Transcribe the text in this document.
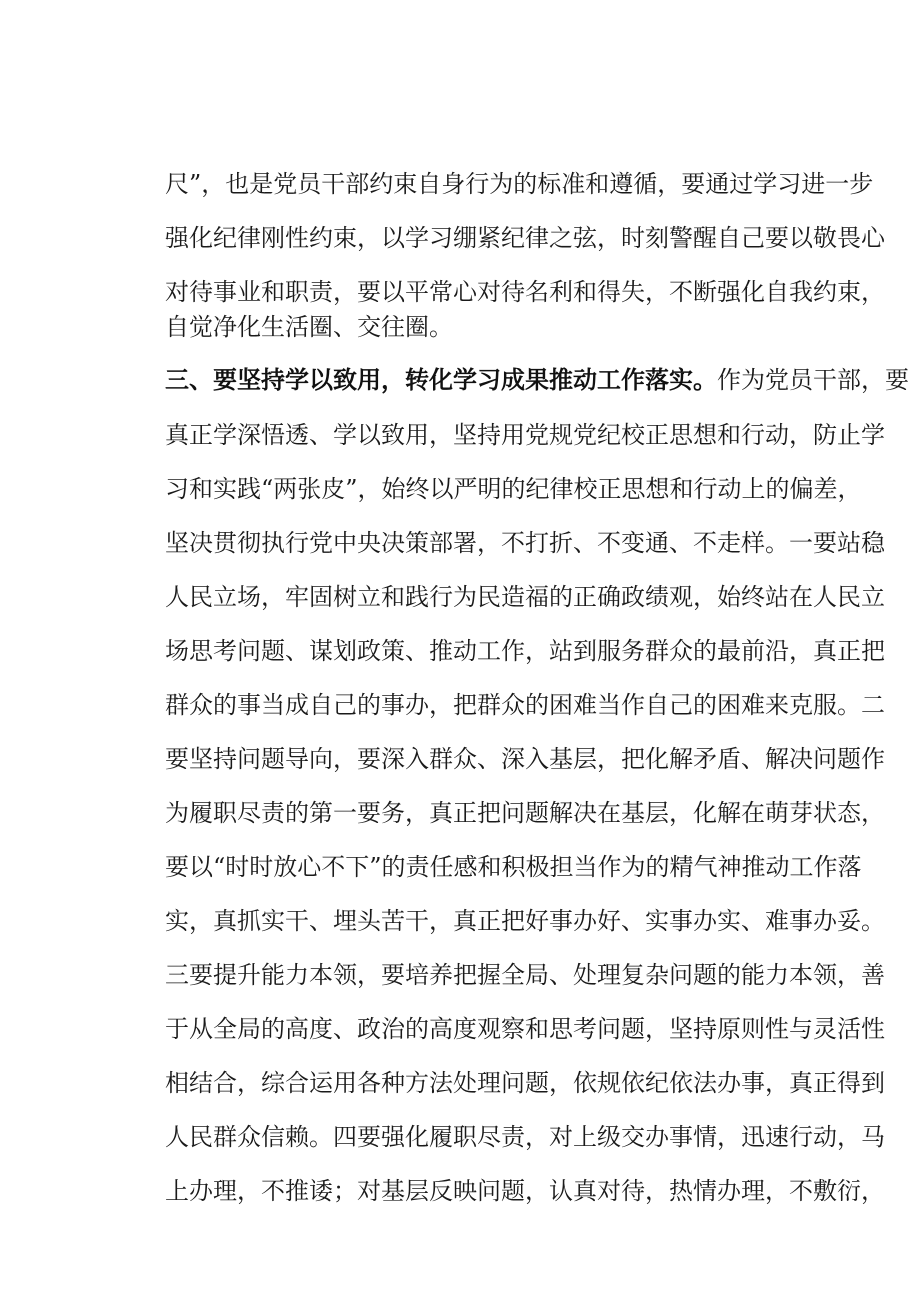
尺”，也是党员干部约束自身行为的标准和遵循，要通过学习进一步
强化纪律刚性约束，以学习绷紧纪律之弦，时刻警醒自己要以敬畏心
对待事业和职责，要以平常心对待名利和得失，不断强化自我约束，
自觉净化生活圈、交往圈。
三、要坚持学以致用，转化学习成果推动工作落实。作为党员干部，要
真正学深悟透、学以致用，坚持用党规党纪校正思想和行动，防止学
习和实践“两张皮”，始终以严明的纪律校正思想和行动上的偏差，
坚决贯彻执行党中央决策部署，不打折、不变通、不走样。一要站稳
人民立场，牢固树立和践行为民造福的正确政绩观，始终站在人民立
场思考问题、谋划政策、推动工作，站到服务群众的最前沿，真正把
群众的事当成自己的事办，把群众的困难当作自己的困难来克服。二
要坚持问题导向，要深入群众、深入基层，把化解矛盾、解决问题作
为履职尽责的第一要务，真正把问题解决在基层，化解在萌芽状态，
要以“时时放心不下”的责任感和积极担当作为的精气神推动工作落
实，真抓实干、埋头苦干，真正把好事办好、实事办实、难事办妥。
三要提升能力本领，要培养把握全局、处理复杂问题的能力本领，善
于从全局的高度、政治的高度观察和思考问题，坚持原则性与灵活性
相结合，综合运用各种方法处理问题，依规依纪依法办事，真正得到
人民群众信赖。四要强化履职尽责，对上级交办事情，迅速行动，马
上办理，不推诿；对基层反映问题，认真对待，热情办理，不敷衍，
